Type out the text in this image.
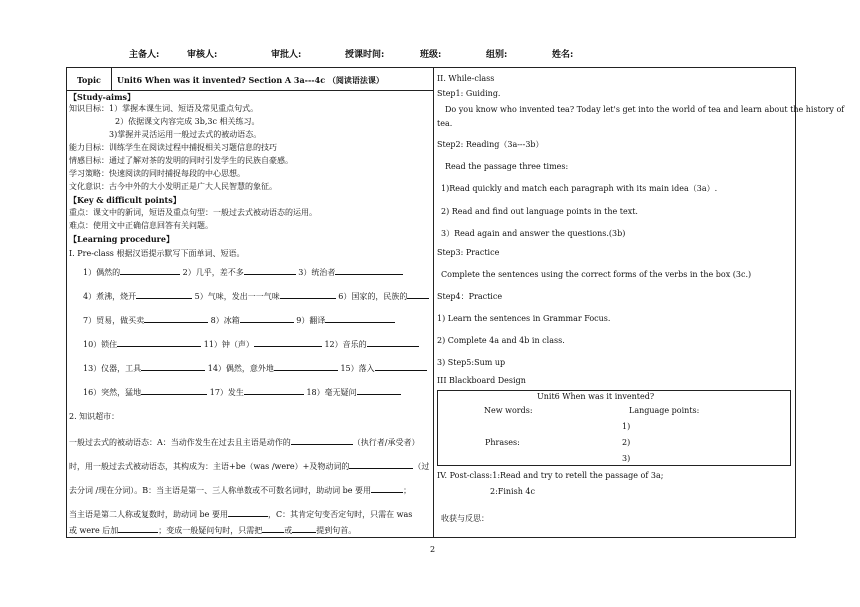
主备人:	审核人:	审批人:	授课时间:	班级:	组别:	姓名:
Topic Unit6 When was it invented? Section A 3a---4c （阅读语法课）
【Study-aims】
知识目标：1）掌握本课生词、短语及常见重点句式。
2）依据课文内容完成 3b,3c 相关练习。
3)掌握并灵活运用一般过去式的被动语态。
能力目标：训练学生在阅读过程中捕捉相关习题信息的技巧
情感目标：通过了解对茶的发明的同时引发学生的民族自豪感。
学习策略：快速阅读的同时捕捉每段的中心思想。
文化意识：古今中外的大小发明正是广大人民智慧的象征。
【Key & difficult points】
重点：课文中的新词，短语及重点句型：一般过去式被动语态的运用。
难点：使用文中正确信息回答有关问题。
【Learning procedure】
I. Pre-class 根据汉语提示默写下面单词、短语。
1）偶然的	2）几乎，差不多	3）统治者
4）煮沸，烧开	5）气味，发出一一气味	6）国家的，民族的
7）贸易，做买卖	8）冰箱	9）翻译
10）锁住	11）钟（声）	12）音乐的
13）仪器，工具	14）偶然，意外地	15）落入
16）突然，猛地	17）发生	18）毫无疑问
2. 知识超市：
一般过去式的被动语态：A：当动作发生在过去且主语是动作的	（执行者/承受者）
时，用一般过去式被动语态，其构成为：主语+be（was /were）+及物动词的	（过
去分词 /现在分词）。B：当主语是第一、三人称单数或不可数名词时，助动词 be 要用	；
当主语是第二人称或复数时，助动词 be 要用	，C：其肯定句变否定句时，只需在 was
或 were 后加	；变成一般疑问句时，只需把	或	提到句首。
II. While-class
Step1: Guiding.
Do you know who invented tea? Today let's get into the world of tea and learn about the history of
tea.
Step2: Reading（3a---3b）
Read the passage three times:
1)Read quickly and match each paragraph with its main idea（3a）.
2) Read and find out language points in the text.
3）Read again and answer the questions.(3b)
Step3: Practice
Complete the sentences using the correct forms of the verbs in the box (3c.)
Step4：Practice
1) Learn the sentences in Grammar Focus.
2) Complete 4a and 4b in class.
3) Step5:Sum up
III Blackboard Design
Unit6 When was it invented?
New words:	Language points:
1)
Phrases:	2)
3)
IV. Post-class:1:Read and try to retell the passage of 3a;
2:Finish 4c
收获与反思：
2
